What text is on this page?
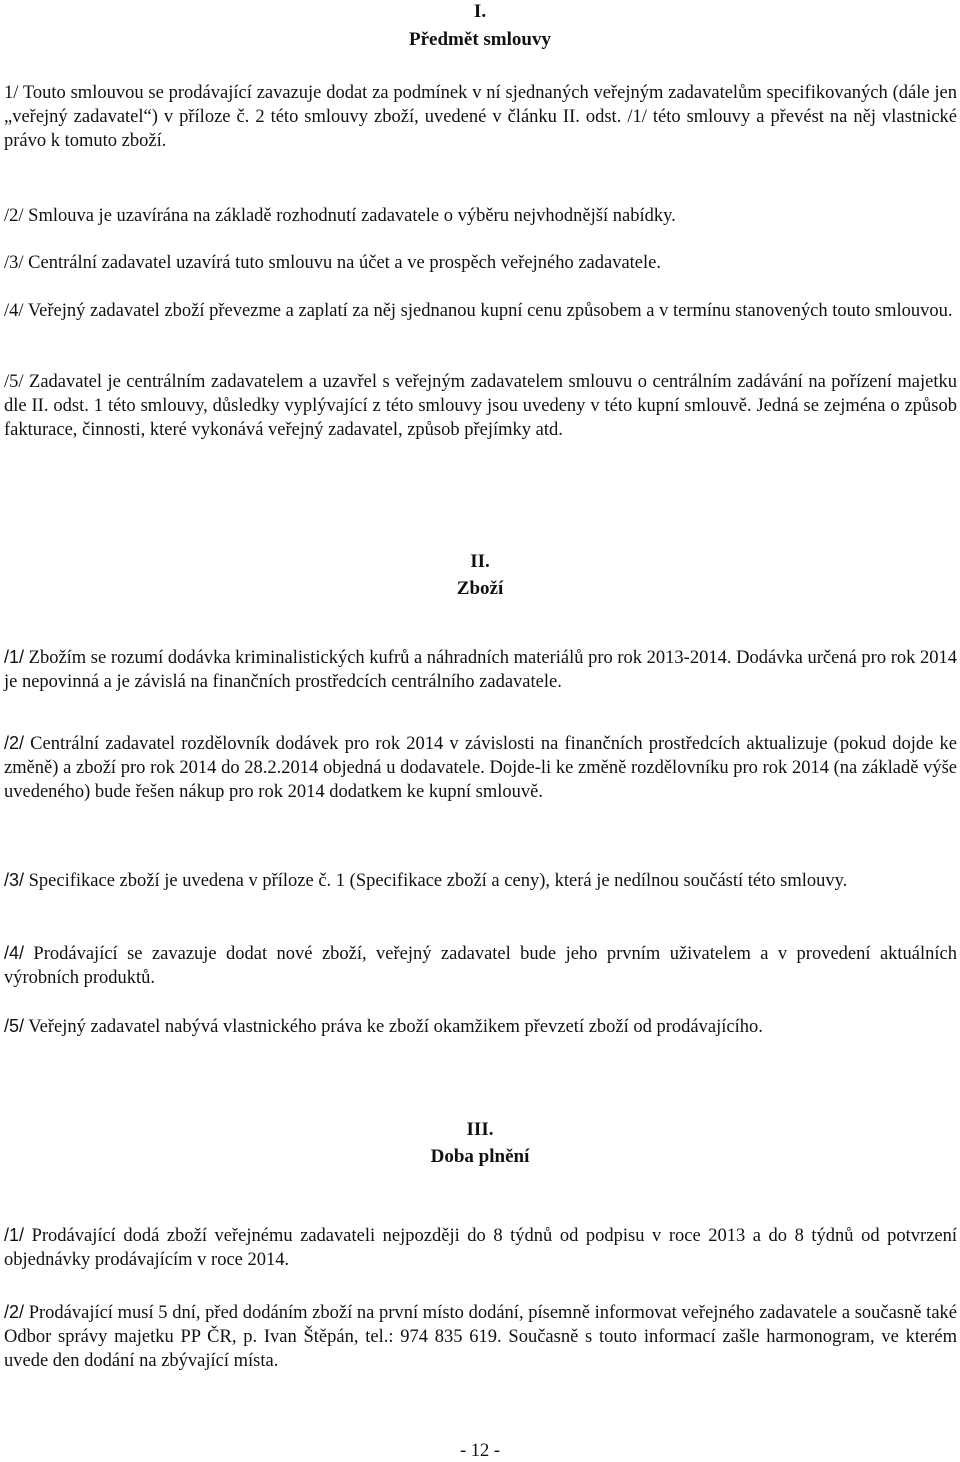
I.

Předmět smlouvy

1/ Touto smlouvou se prodávající zavazuje dodat za podmínek v ní sjednaných veřejným zadavatelům specifikovaných (dále jen „veřejný zadavatel“) v příloze č. 2 této smlouvy zboží, uvedené v článku II. odst. /1/ této smlouvy a převést na něj vlastnické právo k tomuto zboží.

/2/ Smlouva je uzavírána na základě rozhodnutí zadavatele o výběru nejvhodnější nabídky.

/3/ Centrální zadavatel uzavírá tuto smlouvu na účet a ve prospěch veřejného zadavatele.

/4/ Veřejný zadavatel zboží převezme a zaplatí za něj sjednanou kupní cenu způsobem a v termínu stanovených touto smlouvou.

/5/ Zadavatel je centrálním zadavatelem a uzavřel s veřejným zadavatelem smlouvu o centrálním zadávání na pořízení majetku dle II. odst. 1 této smlouvy, důsledky vyplývající z této smlouvy jsou uvedeny v této kupní smlouvě. Jedná se zejména o způsob fakturace, činnosti, které vykonává veřejný zadavatel, způsob přejímky atd.

II.

Zboží

/1/ Zbožím se rozumí dodávka kriminalistických kufrů a náhradních materiálů pro rok 2013-2014. Dodávka určená pro rok 2014 je nepovinná a je závislá na finančních prostředcích centrálního zadavatele.

/2/ Centrální zadavatel rozdělovník dodávek pro rok 2014 v závislosti na finančních prostředcích aktualizuje (pokud dojde ke změně) a zboží pro rok 2014 do 28.2.2014 objedná u dodavatele. Dojde-li ke změně rozdělovníku pro rok 2014 (na základě výše uvedeného) bude řešen nákup pro rok 2014 dodatkem ke kupní smlouvě.

/3/ Specifikace zboží je uvedena v příloze č. 1 (Specifikace zboží a ceny), která je nedílnou součástí této smlouvy.

/4/ Prodávající se zavazuje dodat nové zboží, veřejný zadavatel bude jeho prvním uživatelem a v provedení aktuálních výrobních produktů.

/5/ Veřejný zadavatel nabývá vlastnického práva ke zboží okamžikem převzetí zboží od prodávajícího.

III.

Doba plnění

/1/ Prodávající dodá zboží veřejnému zadavateli nejpozději do 8 týdnů od podpisu v roce 2013 a do 8 týdnů od potvrzení objednávky prodávajícím v roce 2014.

/2/ Prodávající musí 5 dní, před dodáním zboží na první místo dodání, písemně informovat veřejného zadavatele a současně také Odbor správy majetku PP ČR, p. Ivan Štěpán, tel.: 974 835 619. Současně s touto informací zašle harmonogram, ve kterém uvede den dodání na zbývající místa.

- 12 -
